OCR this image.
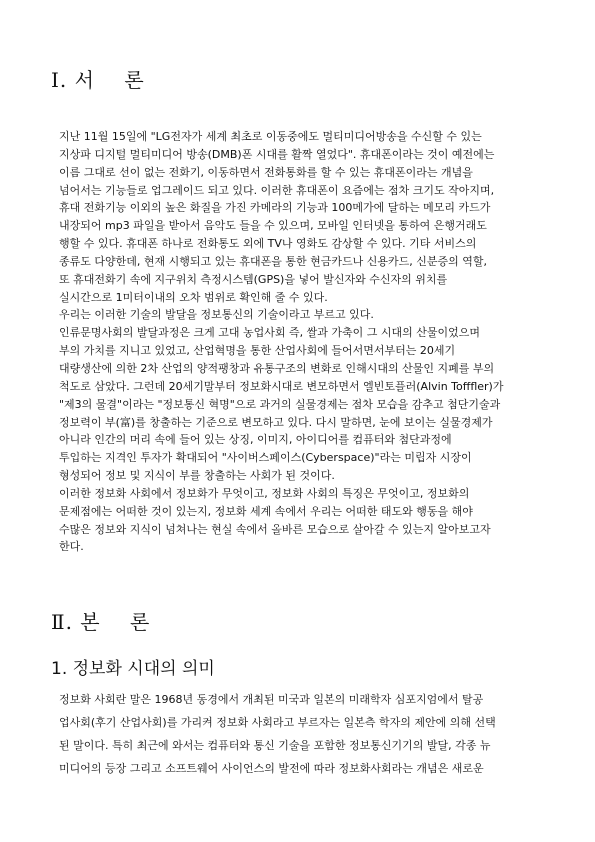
Ⅰ. 서    론
지난 11월 15일에 "LG전자가 세계 최초로 이동중에도 멀티미디어방송을 수신할 수 있는
지상파 디지털 멀티미디어 방송(DMB)폰 시대를 활짝 열었다". 휴대폰이라는 것이 예전에는
이름 그대로 선이 없는 전화기, 이동하면서 전화통화를 할 수 있는 휴대폰이라는 개념을
넘어서는 기능들로 업그레이드 되고 있다. 이러한 휴대폰이 요즘에는 점차 크기도 작아지며,
휴대 전화기능 이외의 높은 화질을 가진 카메라의 기능과 100메가에 달하는 메모리 카드가
내장되어 mp3 파일을 받아서 음악도 들을 수 있으며, 모바일 인터넷을 통하여 은행거래도
행할 수 있다. 휴대폰 하나로 전화통도 외에 TV나 영화도 감상할 수 있다. 기타 서비스의
종류도 다양한데, 현재 시행되고 있는 휴대폰을 통한 현금카드나 신용카드, 신분증의 역할,
또 휴대전화기 속에 지구위치 측정시스템(GPS)을 넣어 발신자와 수신자의 위치를
실시간으로 1미터이내의 오차 범위로 확인해 줄 수 있다.
우리는 이러한 기술의 발달을 정보통신의 기술이라고 부르고 있다.
인류문명사회의 발달과정은 크게 고대 농업사회 즉, 쌀과 가축이 그 시대의 산물이었으며
부의 가치를 지니고 있었고, 산업혁명을 통한 산업사회에 들어서면서부터는 20세기
대량생산에 의한 2차 산업의 양적팽창과 유통구조의 변화로 인해시대의 산물인 지폐를 부의
척도로 삼았다. 그런데 20세기말부터 정보화시대로 변모하면서 엘빈토플러(Alvin Tofffler)가
"제3의 물결"이라는 "정보통신 혁명"으로 과거의 실물경제는 점차 모습을 감추고 첨단기술과
정보력이 부(富)를 창출하는 기준으로 변모하고 있다. 다시 말하면, 눈에 보이는 실물경제가
아니라 인간의 머리 속에 들어 있는 상징, 이미지, 아이디어를 컴퓨터와 첨단과정에
투입하는 지격인 투자가 확대되어 "사이버스페이스(Cyberspace)"라는 미립자 시장이
형성되어 정보 및 지식이 부를 창출하는 사회가 된 것이다.
이러한 정보화 사회에서 정보화가 무엇이고, 정보화 사회의 특징은 무엇이고, 정보화의
문제점에는 어떠한 것이 있는지, 정보화 세계 속에서 우리는 어떠한 태도와 행동을 해야
수많은 정보와 지식이 넘쳐나는 현실 속에서 올바른 모습으로 살아갈 수 있는지 알아보고자
한다.
Ⅱ. 본    론
1. 정보화 시대의 의미
정보화 사회란 말은 1968년 동경에서 개최된 미국과 일본의 미래학자 심포지엄에서 탈공
업사회(후기 산업사회)를 가리켜 정보화 사회라고 부르자는 일본측 학자의 제안에 의해 선택
된 말이다. 특히 최근에 와서는 컴퓨터와 통신 기술을 포함한 정보통신기기의 발달, 각종 뉴
미디어의 등장 그리고 소프트웨어 사이언스의 발전에 따라 정보화사회라는 개념은 새로운
